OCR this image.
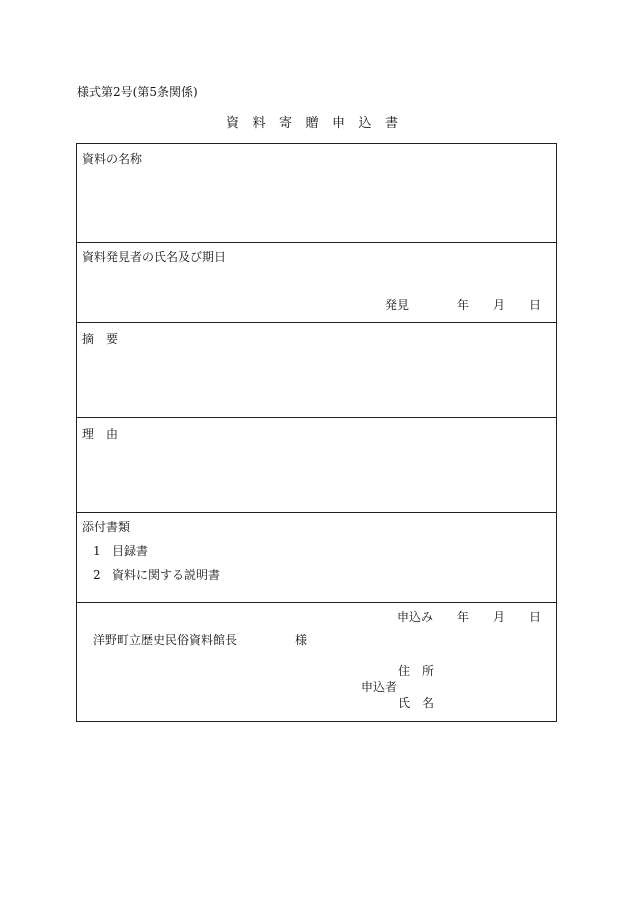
様式第2号(第5条関係)
資料寄贈申込書
資料の名称
資料発見者の氏名及び期日
発見	年 月 日
摘要
理由
添付書類
1 目録書
2 資料に関する説明書
申込み 年 月 日
洋野町立歴史民俗資料館長	様
住所
申込者
氏名
